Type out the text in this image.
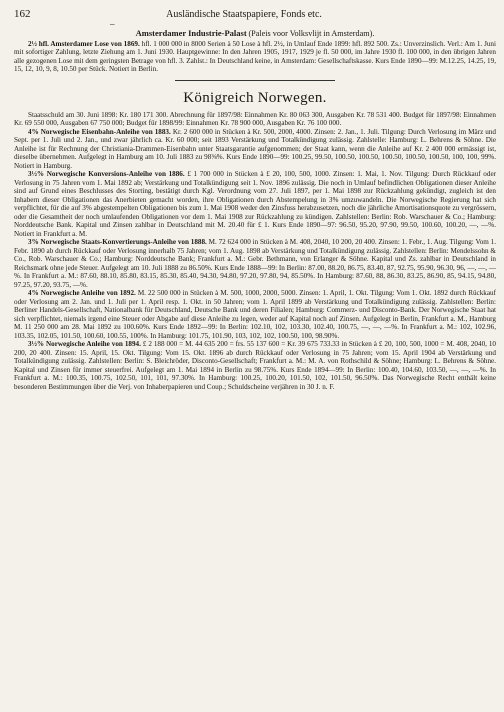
162	Ausländische Staatspapiere, Fonds etc.
–

Amsterdamer Industrie-Palast (Paleis voor Volksvlijt in Amsterdam).

2½ hfl. Amsterdamer Lose von 1869. hfl. 1 000 000 in 8000 Serien à 50 Lose à hfl. 2½, in Umlauf Ende 1899: hfl. 892 500. Zs.: Unverzinslich. Verl.: Am 1. Juni mit sofortiger Zahlung, letzte Ziehung am 1. Juni 1930. Hauptgewinne: In den Jahren 1905, 1917, 1929 je fl. 50 000, im Jahre 1930 fl. 100 000, in den übrigen Jahren alle gezogenen Lose mit dem geringsten Betrage von hfl. 3. Zahlst.: In Deutschland keine, in Amsterdam: Gesellschaftskasse. Kurs Ende 1890—99: M.12.25, 14.25, 19, 15, 12, 10, 9, 8, 10.50 per Stück. Notiert in Berlin.

Königreich Norwegen.

Staatsschuld am 30. Juni 1898: Kr. 180 171 300. Abrechnung für 1897/98: Einnahmen Kr. 80 063 300, Ausgaben Kr. 78 531 400. Budget für 1897/98: Einnahmen Kr. 69 550 000, Ausgaben 67 750 000; Budget für 1898/99: Einnahmen Kr. 78 900 000, Ausgaben Kr. 76 100 000.

4% Norwegische Eisenbahn-Anleihe von 1883. Kr. 2 600 000 in Stücken à Kr. 500, 2000, 4000. Zinsen: 2. Jan., 1. Juli. Tilgung: Durch Verlosung im März und Sept. per 1. Juli und 2. Jan., und zwar jährlich ca. Kr. 60 000; seit 1893 Verstärkung und Totalkündigung zulässig. Zahlstelle: Hamburg: L. Behrens & Söhne. Die Anleihe ist für Rechnung der Christiania-Drammen-Eisenbahn unter Staatsgarantie aufgenommen; der Staat kann, wenn die Anleihe auf Kr. 2 400 000 ermässigt ist, dieselbe übernehmen. Aufgelegt in Hamburg am 10. Juli 1883 zu 98⅜%. Kurs Ende 1890—99: 100.25, 99.50, 100.50, 100.50, 100.50, 100.50, 100.50, 100, 100, 99%. Notiert in Hamburg.

3½% Norwegische Konversions-Anleihe von 1886. £ 1 700 000 in Stücken à £ 20, 100, 500, 1000. Zinsen: 1. Mai, 1. Nov. Tilgung: Durch Rückkauf oder Verlosung in 75 Jahren vom 1. Mai 1892 ab; Verstärkung und Totalkündigung seit 1. Nov. 1896 zulässig. Die noch in Umlauf befindlichen Obligationen dieser Anleihe sind auf Grund eines Beschlusses des Storting, bestätigt durch Kgl. Verordnung vom 27. Juli 1897, per 1. Mai 1898 zur Rückzahlung gekündigt, zugleich ist den Inhabern dieser Obligationen das Anerbieten gemacht worden, ihre Obligationen durch Abstempelung in 3% umzuwandeln. Die Norwegische Regierung hat sich verpflichtet, für die auf 3% abgestempelten Obligationen bis zum 1. Mai 1908 weder den Zinsfuss herabzusetzen, noch die jährliche Amortisationsquote zu vergrössern, oder die Gesamtheit der noch umlaufenden Obligationen vor dem 1. Mai 1908 zur Rückzahlung zu kündigen. Zahlstellen: Berlin: Rob. Warschauer & Co.; Hamburg: Norddeutsche Bank. Kapital und Zinsen zahlbar in Deutschland mit M. 20.40 für £ 1. Kurs Ende 1890—97: 96.50, 95.20, 97.90, 99.50, 100.60, 100.20, —, —%. Notiert in Frankfurt a. M.

3% Norwegische Staats-Konvertierungs-Anleihe von 1888. M. 72 624 000 in Stücken à M. 408, 2040, 10 200, 20 400. Zinsen: 1. Febr., 1. Aug. Tilgung: Vom 1. Febr. 1890 ab durch Rückkauf oder Verlosung innerhalb 75 Jahren; vom 1. Aug. 1898 ab Verstärkung und Totalkündigung zulässig. Zahlstellen: Berlin: Mendelssohn & Co., Rob. Warschauer & Co.; Hamburg: Norddeutsche Bank; Frankfurt a. M.: Gebr. Bethmann, von Erlanger & Söhne. Kapital und Zs. zahlbar in Deutschland in Reichsmark ohne jede Steuer. Aufgelegt am 10. Juli 1888 zu 86.50%. Kurs Ende 1888—99: In Berlin: 87.00, 88.20, 86.75, 83.40, 87, 92.75, 95.90, 96.30, 96, —, —, —%. In Frankfurt a. M.: 87.60, 88.10, 85.80, 83.15, 85.30, 85.40, 94.30, 94.80, 97.20, 97.80, 94, 85.50%. In Hamburg: 87.60, 88, 86.30, 83.25, 86.90, 85, 94.15, 94.80, 97.25, 97.20, 93.75, —%.

4% Norwegische Anleihe von 1892. M. 22 500 000 in Stücken à M. 500, 1000, 2000, 5000. Zinsen: 1. April, 1. Okt. Tilgung: Vom 1. Okt. 1892 durch Rückkauf oder Verlosung am 2. Jan. und 1. Juli per 1. April resp. 1. Okt. in 50 Jahren; vom 1. April 1899 ab Verstärkung und Totalkündigung zulässig. Zahlstellen: Berlin: Berliner Handels-Gesellschaft, Nationalbank für Deutschland, Deutsche Bank und deren Filialen; Hamburg: Commerz- und Disconto-Bank. Der Norwegische Staat hat sich verpflichtet, niemals irgend eine Steuer oder Abgabe auf diese Anleihe zu legen, weder auf Kapital noch auf Zinsen. Aufgelegt in Berlin, Frankfurt a. M., Hamburg M. 11 250 000 am 28. Mai 1892 zu 100.60%. Kurs Ende 1892—99: In Berlin: 102.10, 102, 103.30, 102.40, 100.75, —, —, —%. In Frankfurt a. M.: 102, 102.96, 103.35, 102.05, 101.50, 100.60, 100.55, 100%. In Hamburg: 101.75, 101.90, 103, 102, 102, 100.50, 100, 98.90%.

3½% Norwegische Anleihe von 1894. £ 2 188 000 = M. 44 635 200 = frs. 55 137 600 = Kr. 39 675 733.33 in Stücken à £ 20, 100, 500, 1000 = M. 408, 2040, 10 200, 20 400. Zinsen: 15. April, 15. Okt. Tilgung: Vom 15. Okt. 1896 ab durch Rückkauf oder Verlosung in 75 Jahren; vom 15. April 1904 ab Verstärkung und Totalkündigung zulässig. Zahlstellen: Berlin: S. Bleichröder, Disconto-Gesellschaft; Frankfurt a. M.: M. A. von Rothschild & Söhne; Hamburg: L. Behrens & Söhne. Kapital und Zinsen für immer steuerfrei. Aufgelegt am 1. Mai 1894 in Berlin zu 98.75%. Kurs Ende 1894—99: In Berlin: 100.40, 104.60, 103.50, —, —, —%. In Frankfurt a. M.: 100.35, 100.75, 102.50, 101, 101, 97.30%. In Hamburg: 100.25, 100.20, 101.50, 102, 101.50, 96.50%. Das Norwegische Recht enthält keine besonderen Bestimmungen über die Verj. von Inhaberpapieren und Coup.; Schuldscheine verjähren in 30 J. n. F.
